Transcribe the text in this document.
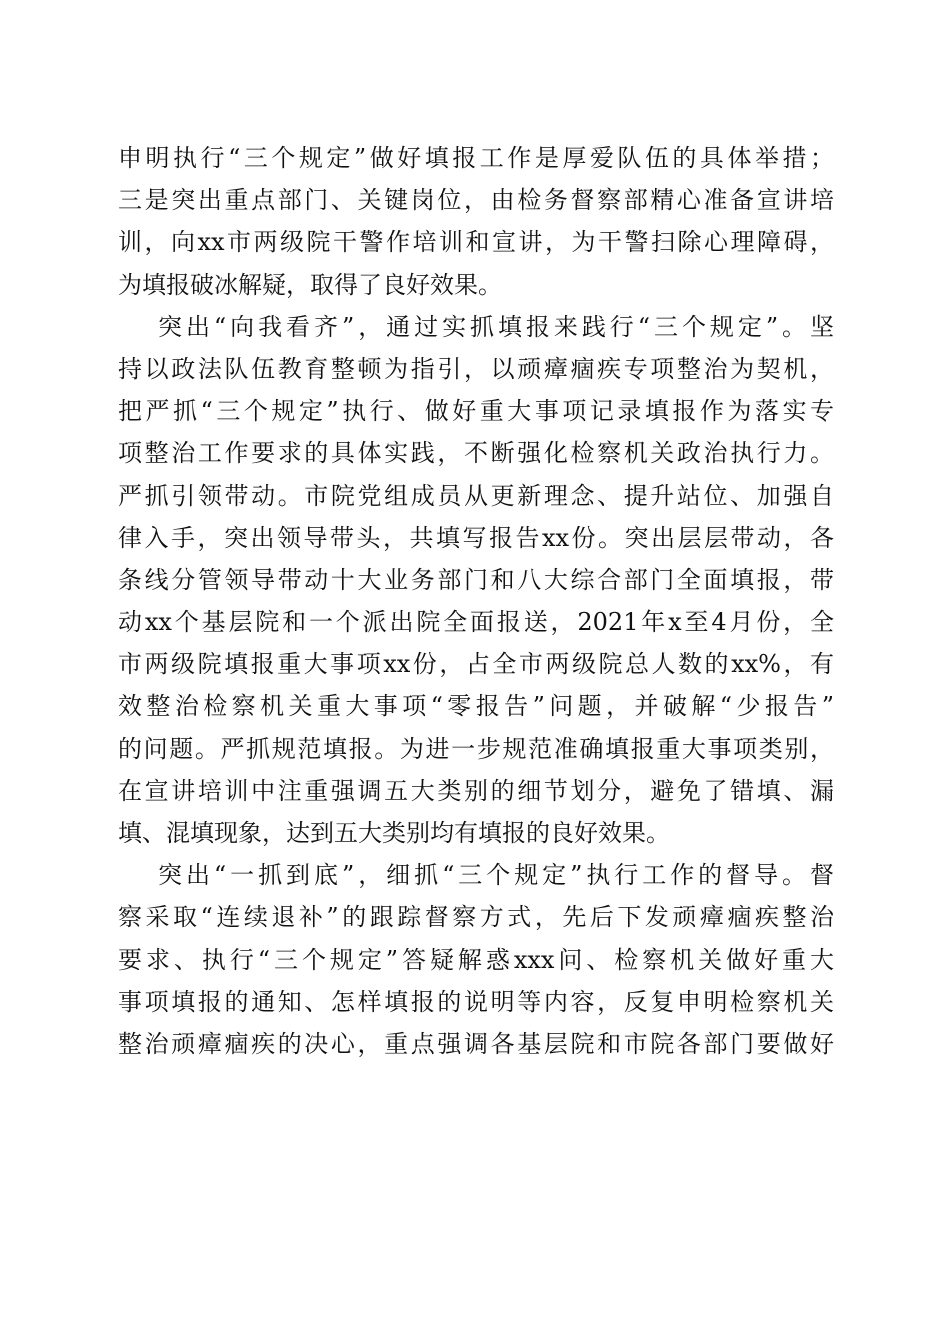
申明执行“三个规定”做好填报工作是厚爱队伍的具体举措；
三是突出重点部门、关键岗位，由检务督察部精心准备宣讲培
训，向xx市两级院干警作培训和宣讲，为干警扫除心理障碍，
为填报破冰解疑，取得了良好效果。
突出“向我看齐”，通过实抓填报来践行“三个规定”。坚
持以政法队伍教育整顿为指引，以顽瘴痼疾专项整治为契机，
把严抓“三个规定”执行、做好重大事项记录填报作为落实专
项整治工作要求的具体实践，不断强化检察机关政治执行力。
严抓引领带动。市院党组成员从更新理念、提升站位、加强自
律入手，突出领导带头，共填写报告xx份。突出层层带动，各
条线分管领导带动十大业务部门和八大综合部门全面填报，带
动xx个基层院和一个派出院全面报送，2021年x至4月份，全
市两级院填报重大事项xx份，占全市两级院总人数的xx%，有
效整治检察机关重大事项“零报告”问题，并破解“少报告”
的问题。严抓规范填报。为进一步规范准确填报重大事项类别，
在宣讲培训中注重强调五大类别的细节划分，避免了错填、漏
填、混填现象，达到五大类别均有填报的良好效果。
突出“一抓到底”，细抓“三个规定”执行工作的督导。督
察采取“连续退补”的跟踪督察方式，先后下发顽瘴痼疾整治
要求、执行“三个规定”答疑解惑xxx问、检察机关做好重大
事项填报的通知、怎样填报的说明等内容，反复申明检察机关
整治顽瘴痼疾的决心，重点强调各基层院和市院各部门要做好
